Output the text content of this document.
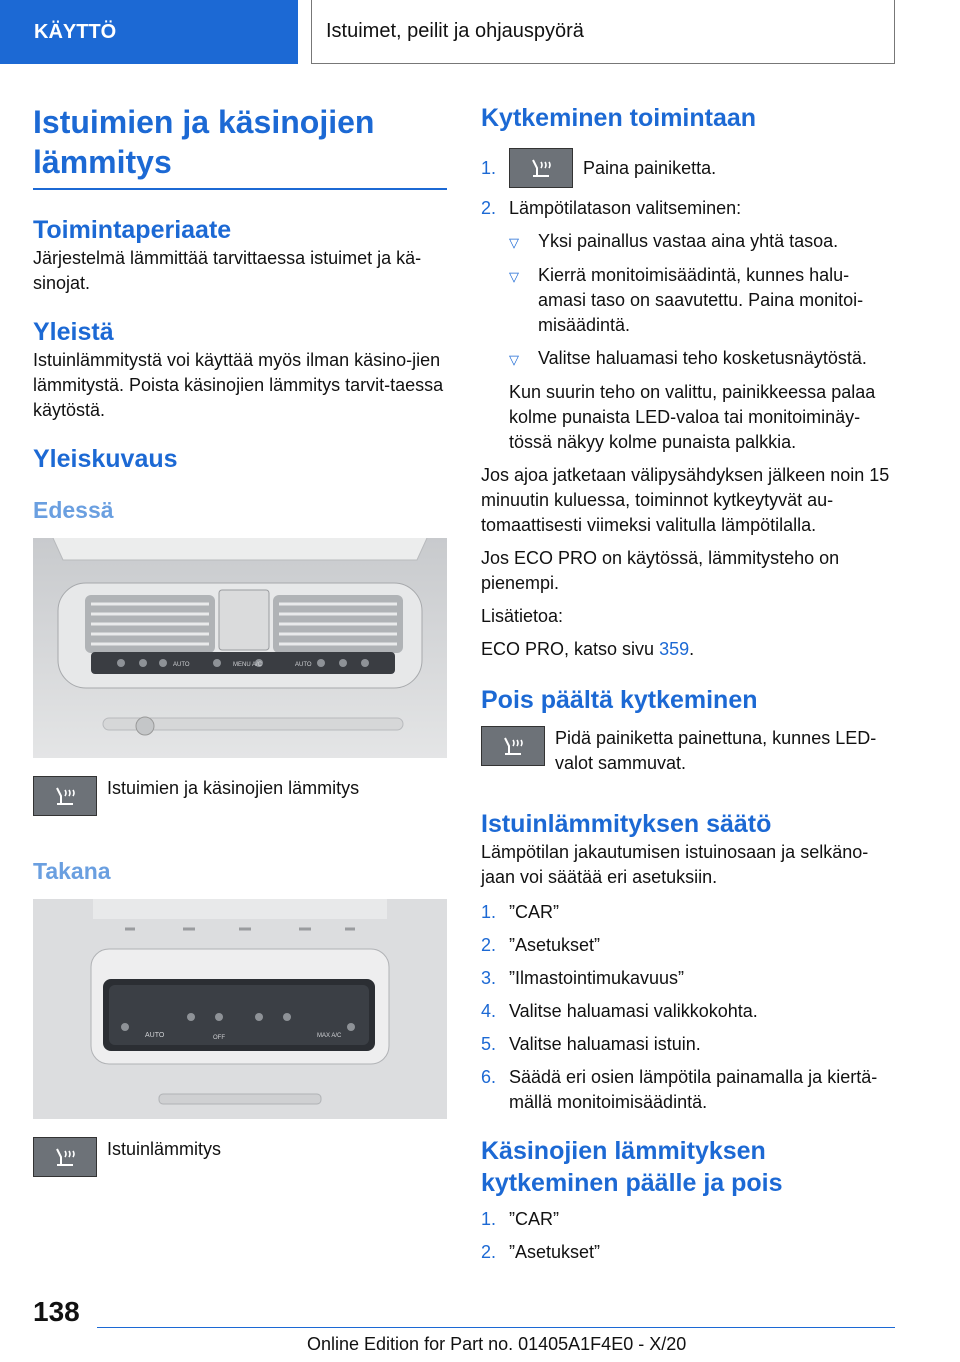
KÄYTTÖ	Istuimet, peilit ja ohjauspyörä
Istuimien ja käsinojien lämmitys
Toimintaperiaate

Järjestelmä lämmittää tarvittaessa istuimet ja kä-sinojat.

Yleistä

Istuinlämmitystä voi käyttää myös ilman käsino-jien lämmitystä. Poista käsinojien lämmitys tarvit-taessa käytöstä.

Yleiskuvaus
Edessä
AUTO	MENU A/C	AUTO
Istuimien ja käsinojien lämmitys
Takana
AUTO	OFF	MAX A/C
Istuinlämmitys
Kytkeminen toimintaan
1.	Paina painiketta.
2. Lämpötilatason valitseminen:
▽	Yksi painallus vastaa aina yhtä tasoa.
▽	Kierrä monitoimisäädintä, kunnes halu-amasi taso on saavutettu. Paina monitoi-misäädintä.
▽	Valitse haluamasi teho kosketusnäytöstä.

Kun suurin teho on valittu, painikkeessa palaa kolme punaista LED-valoa tai monitoiminäy-tössä näkyy kolme punaista palkkia.

Jos ajoa jatketaan välipysähdyksen jälkeen noin 15 minuutin kuluessa, toiminnot kytkeytyvät au-tomaattisesti viimeksi valitulla lämpötilalla.

Jos ECO PRO on käytössä, lämmitysteho on pienempi.

Lisätietoa:

ECO PRO, katso sivu 359.

Pois päältä kytkeminen
Pidä painiketta painettuna, kunnes LED-valot sammuvat.
Istuinlämmityksen säätö

Lämpötilan jakautumisen istuinosaan ja selkäno-jaan voi säätää eri asetuksiin.

1. ”CAR”
2. ”Asetukset”
3. ”Ilmastointimukavuus”
4. Valitse haluamasi valikkokohta.
5. Valitse haluamasi istuin.
6. Säädä eri osien lämpötila painamalla ja kiertä-mällä monitoimisäädintä.
Käsinojien lämmityksen kytkeminen päälle ja pois
1. ”CAR”
2. ”Asetukset”
138
Online Edition for Part no. 01405A1F4E0 - X/20
